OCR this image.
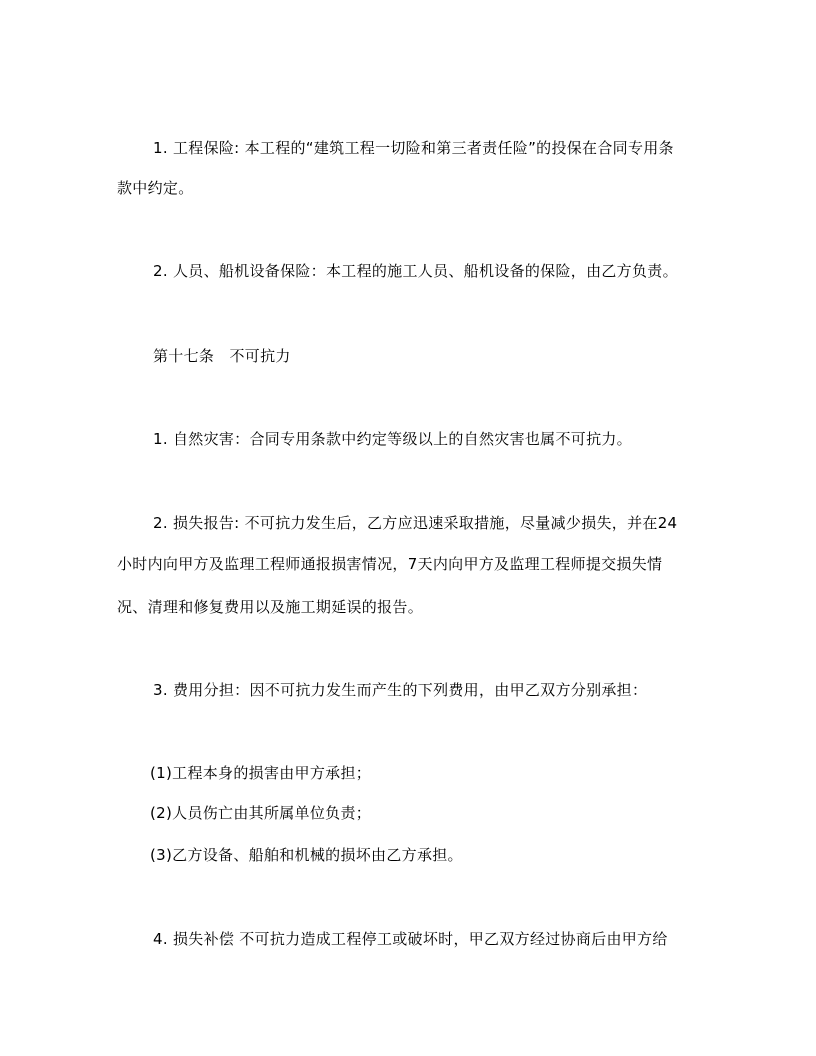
1. 工程保险: 本工程的“建筑工程一切险和第三者责任险”的投保在合同专用条
款中约定。
2. 人员、船机设备保险：本工程的施工人员、船机设备的保险，由乙方负责。
第十七条　不可抗力
1. 自然灾害：合同专用条款中约定等级以上的自然灾害也属不可抗力。
2. 损失报告: 不可抗力发生后，乙方应迅速采取措施，尽量减少损失，并在24
小时内向甲方及监理工程师通报损害情况，7天内向甲方及监理工程师提交损失情
况、清理和修复费用以及施工期延误的报告。
3. 费用分担：因不可抗力发生而产生的下列费用，由甲乙双方分别承担：
(1)工程本身的损害由甲方承担；
(2)人员伤亡由其所属单位负责；
(3)乙方设备、船舶和机械的损坏由乙方承担。
4. 损失补偿 不可抗力造成工程停工或破坏时，甲乙双方经过协商后由甲方给
